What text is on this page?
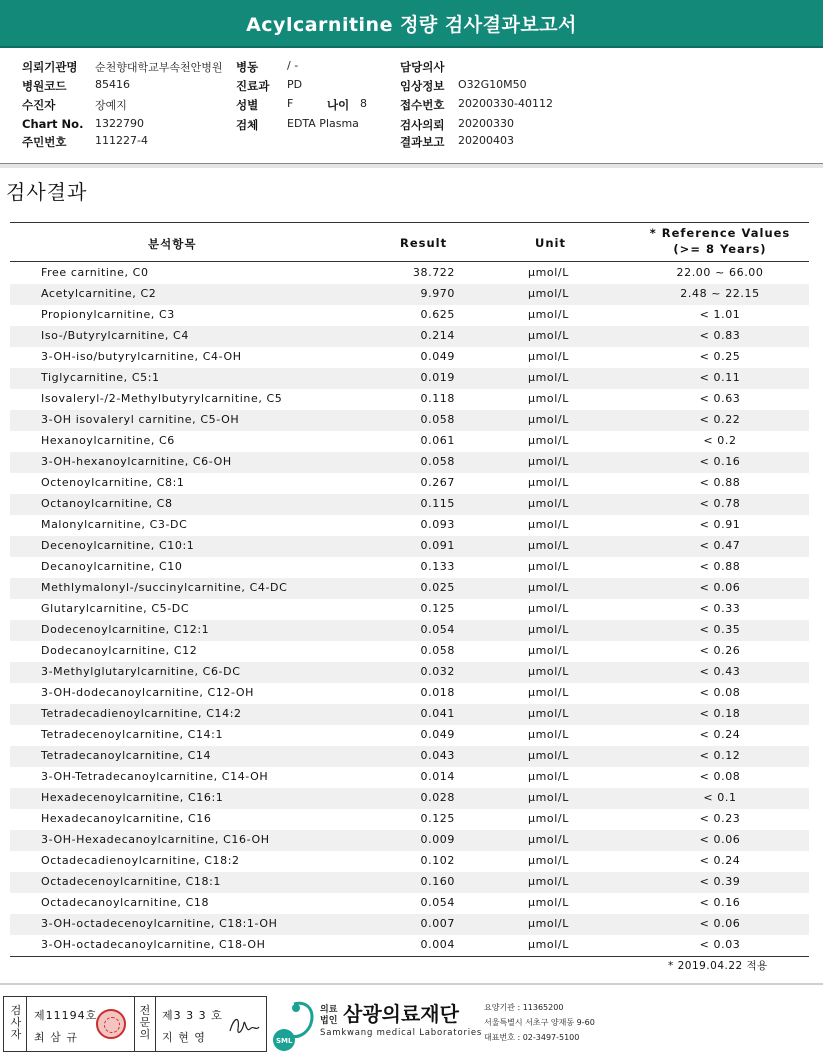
Acylcarnitine 정량 검사결과보고서
의뢰기관명 순천향대학교부속천안병원 병동	/ -	담당의사
병원코드	85416	진료과 PD	임상정보 O32G10M50
수진자	장예지	성별	F	나이 8	접수번호 20200330-40112
Chart No. 1322790	검체	EDTA Plasma	검사의뢰 20200330
주민번호	111227-4	결과보고 20200403
검사결과
분석항목	Result	Unit
* Reference Values
(>= 8 Years)
Free carnitine, C0	38.722	μmol/L	22.00 ~ 66.00
Acetylcarnitine, C2	9.970	μmol/L	2.48 ~ 22.15
Propionylcarnitine, C3	0.625	μmol/L	< 1.01
Iso-/Butyrylcarnitine, C4	0.214	μmol/L	< 0.83
3-OH-iso/butyrylcarnitine, C4-OH	0.049	μmol/L	< 0.25
Tiglycarnitine, C5:1	0.019	μmol/L	< 0.11
Isovaleryl-/2-Methylbutyrylcarnitine, C5	0.118	μmol/L	< 0.63
3-OH isovaleryl carnitine, C5-OH	0.058	μmol/L	< 0.22
Hexanoylcarnitine, C6	0.061	μmol/L	< 0.2
3-OH-hexanoylcarnitine, C6-OH	0.058	μmol/L	< 0.16
Octenoylcarnitine, C8:1	0.267	μmol/L	< 0.88
Octanoylcarnitine, C8	0.115	μmol/L	< 0.78
Malonylcarnitine, C3-DC	0.093	μmol/L	< 0.91
Decenoylcarnitine, C10:1	0.091	μmol/L	< 0.47
Decanoylcarnitine, C10	0.133	μmol/L	< 0.88
Methlymalonyl-/succinylcarnitine, C4-DC	0.025	μmol/L	< 0.06
Glutarylcarnitine, C5-DC	0.125	μmol/L	< 0.33
Dodecenoylcarnitine, C12:1	0.054	μmol/L	< 0.35
Dodecanoylcarnitine, C12	0.058	μmol/L	< 0.26
3-Methylglutarylcarnitine, C6-DC	0.032	μmol/L	< 0.43
3-OH-dodecanoylcarnitine, C12-OH	0.018	μmol/L	< 0.08
Tetradecadienoylcarnitine, C14:2	0.041	μmol/L	< 0.18
Tetradecenoylcarnitine, C14:1	0.049	μmol/L	< 0.24
Tetradecanoylcarnitine, C14	0.043	μmol/L	< 0.12
3-OH-Tetradecanoylcarnitine, C14-OH	0.014	μmol/L	< 0.08
Hexadecenoylcarnitine, C16:1	0.028	μmol/L	< 0.1
Hexadecanoylcarnitine, C16	0.125	μmol/L	< 0.23
3-OH-Hexadecanoylcarnitine, C16-OH	0.009	μmol/L	< 0.06
Octadecadienoylcarnitine, C18:2	0.102	μmol/L	< 0.24
Octadecenoylcarnitine, C18:1	0.160	μmol/L	< 0.39
Octadecanoylcarnitine, C18	0.054	μmol/L	< 0.16
3-OH-octadecenoylcarnitine, C18:1-OH	0.007	μmol/L	< 0.06
3-OH-octadecanoylcarnitine, C18-OH	0.004	μmol/L	< 0.03
* 2019.04.22 적용
검사자
제11194호
최 삼 규
전문의
제3 3 3 호
지 현 영	SML
의료
법인 삼광의료재단
Samkwang medical Laboratories
요양기관 : 11365200
서울특별시 서초구 양재동 9-60
대표번호 : 02-3497-5100
